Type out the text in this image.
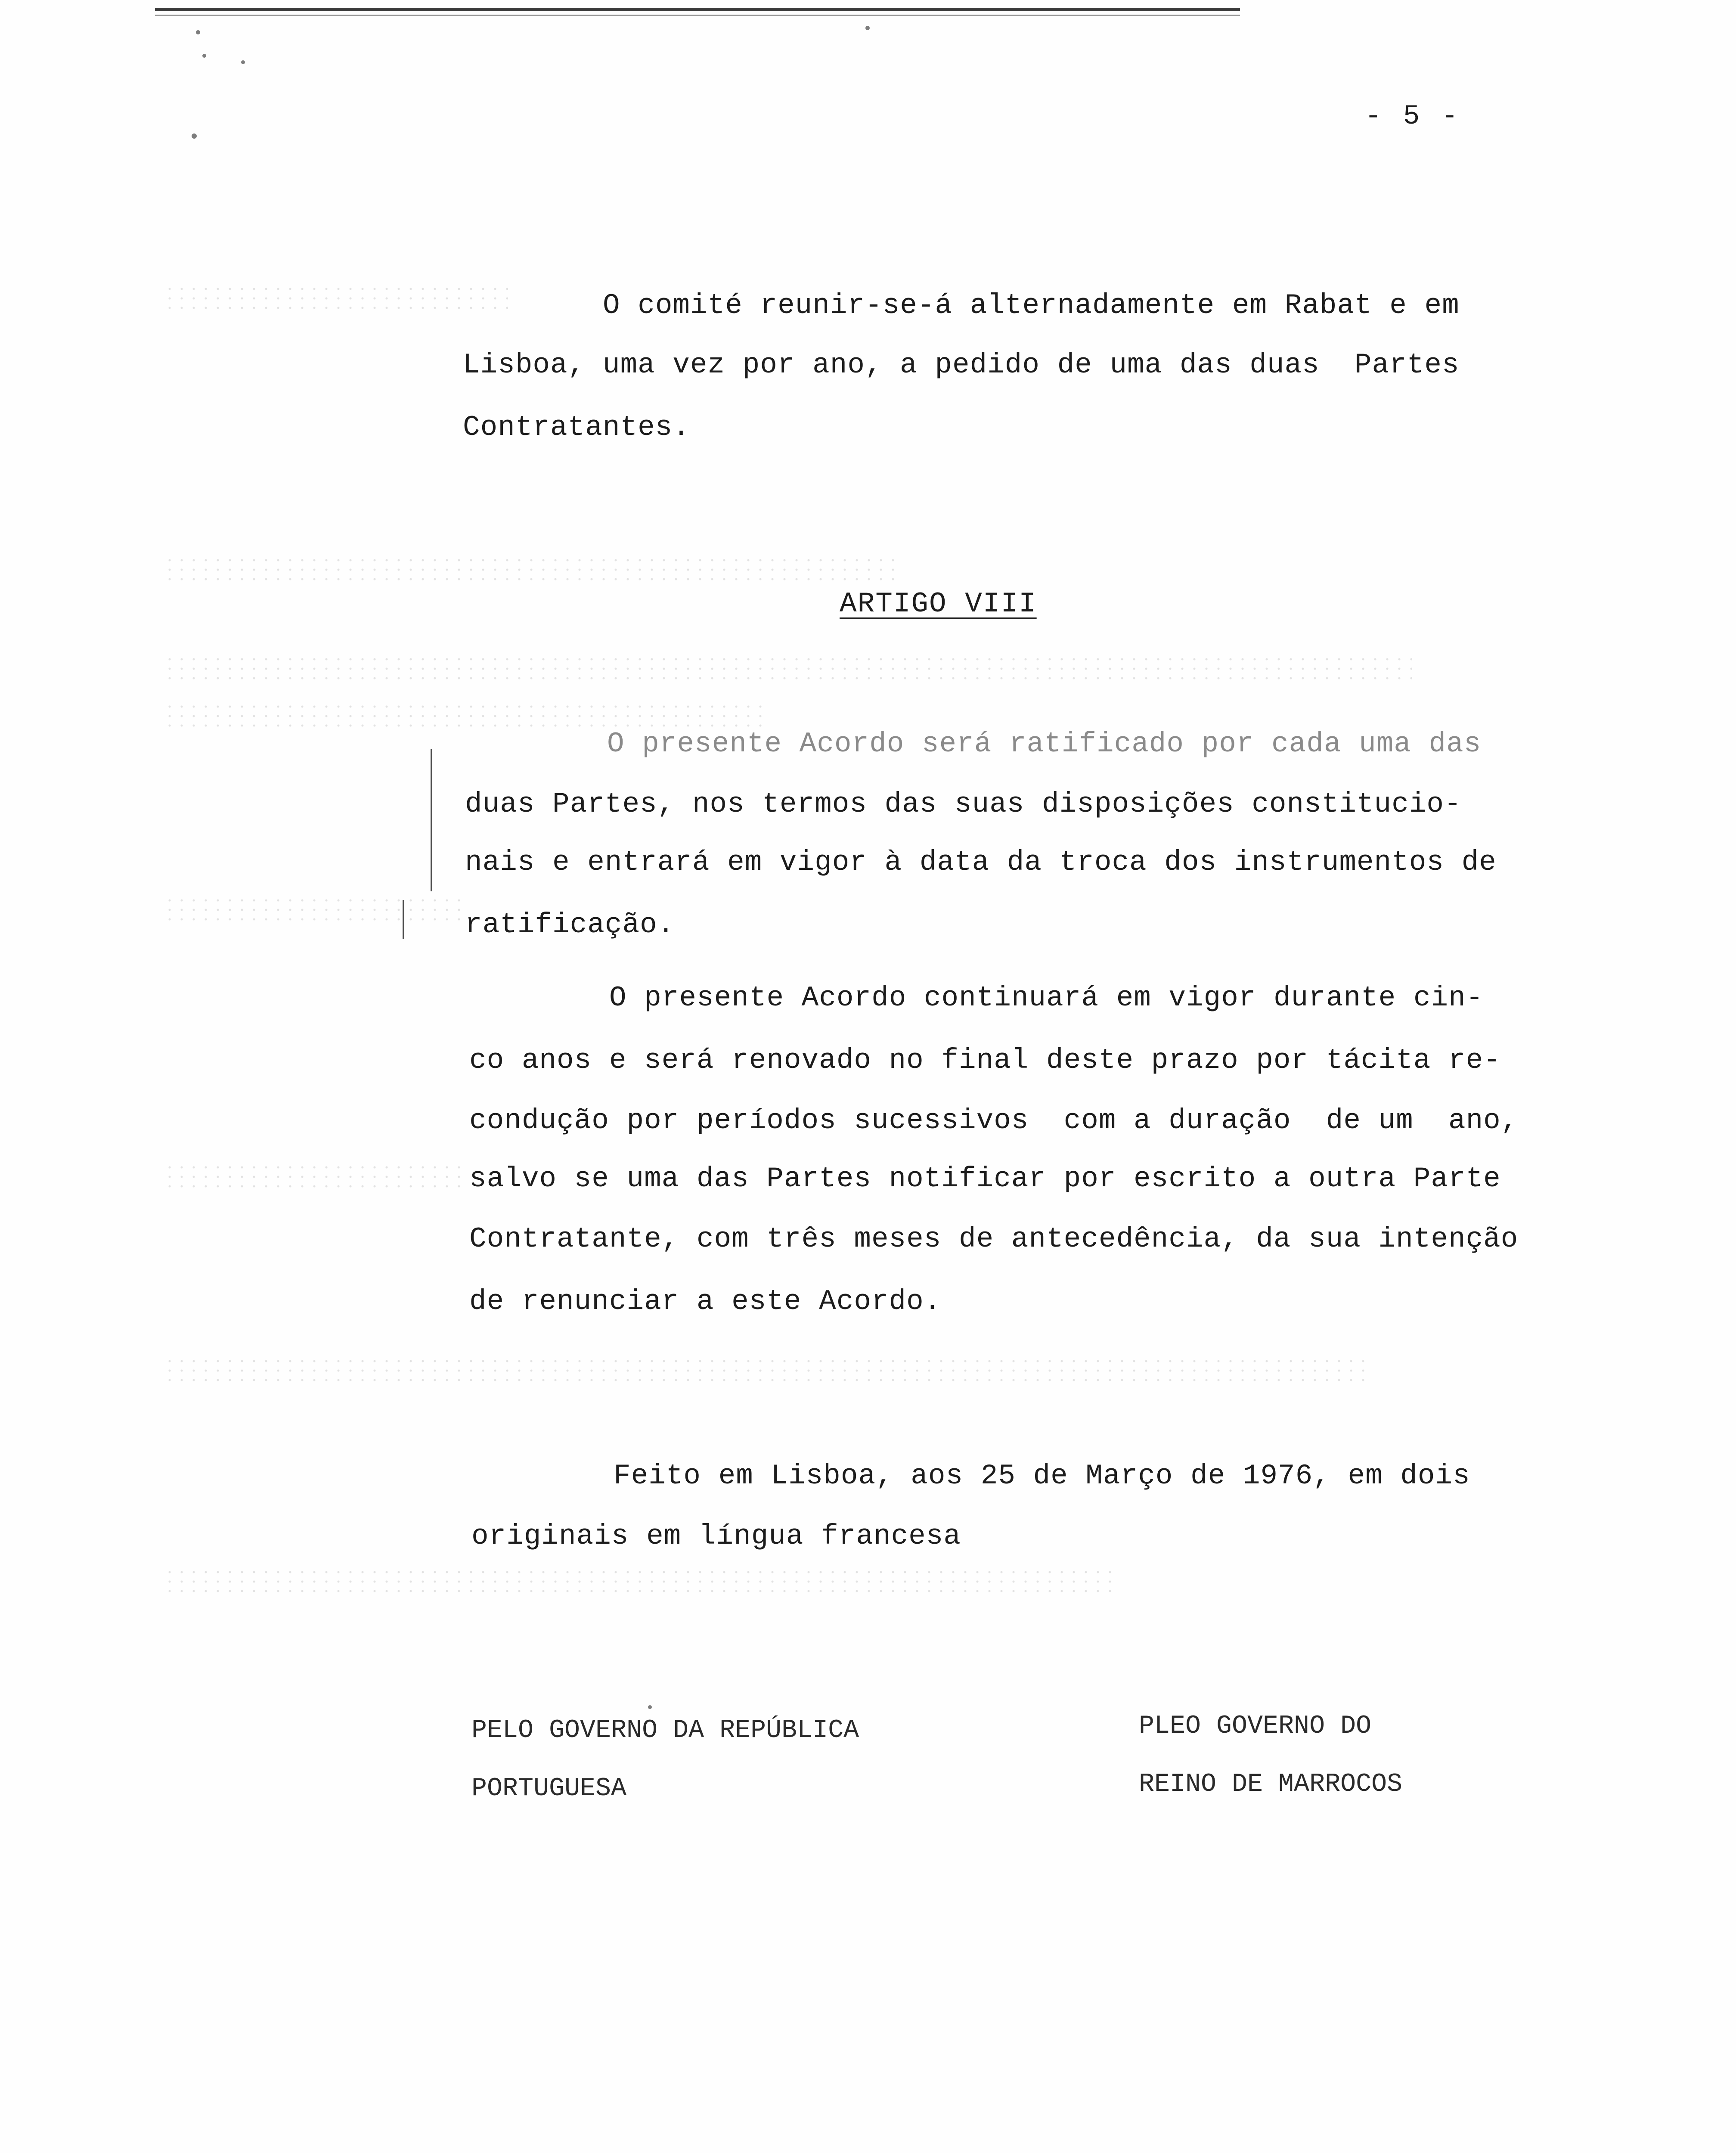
- 5 -
O comité reunir-se-á alternadamente em Rabat e em
Lisboa, uma vez por ano, a pedido de uma das duas  Partes
Contratantes.
ARTIGO VIII
O presente Acordo será ratificado por cada uma das
duas Partes, nos termos das suas disposições constitucio-
nais e entrará em vigor à data da troca dos instrumentos de
ratificação.
O presente Acordo continuará em vigor durante cin-
co anos e será renovado no final deste prazo por tácita re-
condução por períodos sucessivos  com a duração  de um  ano,
salvo se uma das Partes notificar por escrito a outra Parte
Contratante, com três meses de antecedência, da sua intenção
de renunciar a este Acordo.
Feito em Lisboa, aos 25 de Março de 1976, em dois
originais em língua francesa
PELO GOVERNO DA REPÚBLICA
PORTUGUESA
PLEO GOVERNO DO
REINO DE MARROCOS
